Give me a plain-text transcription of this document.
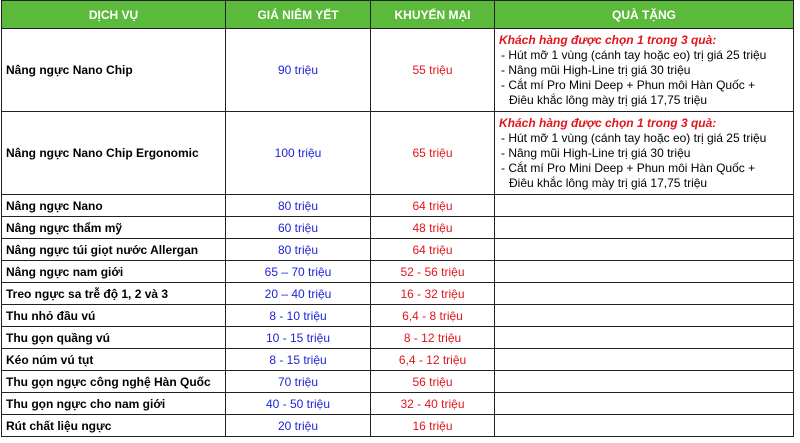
DỊCH VỤ	GIÁ NIÊM YẾT	KHUYẾN MẠI	QUÀ TẶNG
Nâng ngực Nano Chip	90 triệu	55 triệu	Khách hàng được chọn 1 trong 3 quà:
- Hút mỡ 1 vùng (cánh tay hoặc eo) trị giá 25 triệu
- Nâng mũi High-Line trị giá 30 triệu
- Cắt mí Pro Mini Deep + Phun môi Hàn Quốc +
Điêu khắc lông mày trị giá 17,75 triệu

Nâng ngực Nano Chip Ergonomic	100 triệu	65 triệu	Khách hàng được chọn 1 trong 3 quà:
- Hút mỡ 1 vùng (cánh tay hoặc eo) trị giá 25 triệu
- Nâng mũi High-Line trị giá 30 triệu
- Cắt mí Pro Mini Deep + Phun môi Hàn Quốc +
Điêu khắc lông mày trị giá 17,75 triệu

Nâng ngực Nano	80 triệu	64 triệu	
Nâng ngực thẩm mỹ	60 triệu	48 triệu	
Nâng ngực túi giọt nước Allergan	80 triệu	64 triệu	
Nâng ngực nam giới	65 – 70 triệu	52 - 56 triệu	
Treo ngực sa trễ độ 1, 2 và 3	20 – 40 triệu	16 - 32 triệu	
Thu nhỏ đầu vú	8 - 10 triệu	6,4 - 8 triệu	
Thu gọn quầng vú	10 - 15 triệu	8 - 12 triệu	
Kéo núm vú tụt	8 - 15 triệu	6,4 - 12 triệu	
Thu gọn ngực công nghệ Hàn Quốc	70 triệu	56 triệu	
Thu gọn ngực cho nam giới	40 - 50 triệu	32 - 40 triệu	
Rút chất liệu ngực	20 triệu	16 triệu	
